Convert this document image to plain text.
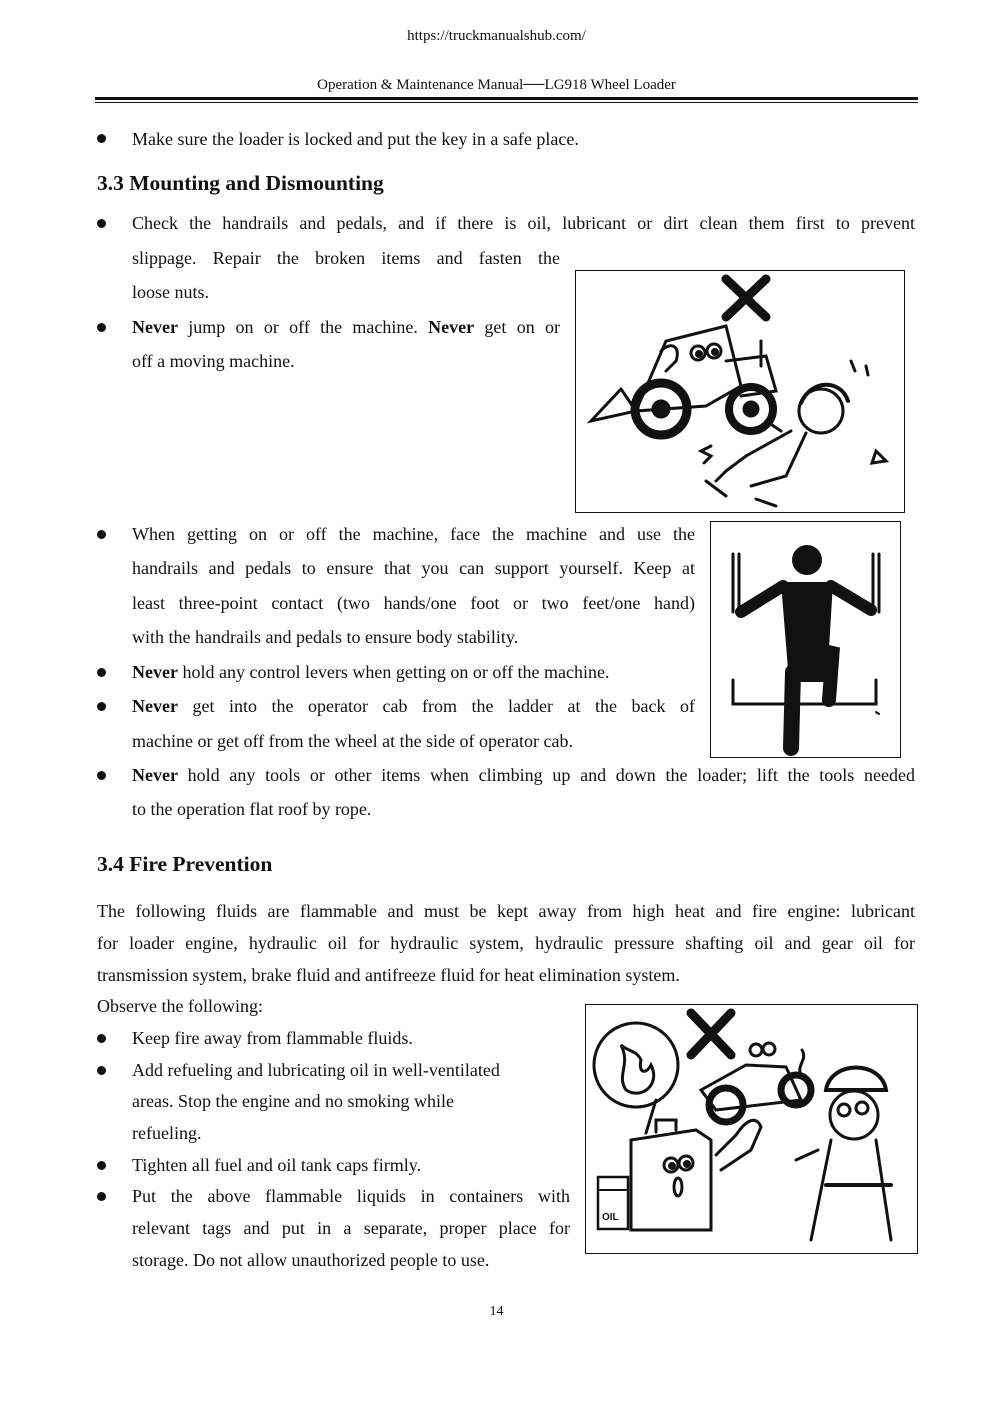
https://truckmanualshub.com/
Operation & Maintenance Manual──LG918 Wheel Loader
Make sure the loader is locked and put the key in a safe place.
3.3 Mounting and Dismounting
Check the handrails and pedals, and if there is oil, lubricant or dirt clean them first to prevent
slippage. Repair the broken items and fasten the
loose nuts.
Never jump on or off the machine. Never get on or
off a moving machine.
When getting on or off the machine, face the machine and use the
handrails and pedals to ensure that you can support yourself. Keep at
least three-point contact (two hands/one foot or two feet/one hand)
with the handrails and pedals to ensure body stability.
Never hold any control levers when getting on or off the machine.
Never get into the operator cab from the ladder at the back of
machine or get off from the wheel at the side of operator cab.
Never hold any tools or other items when climbing up and down the loader; lift the tools needed
to the operation flat roof by rope.
3.4 Fire Prevention
The following fluids are flammable and must be kept away from high heat and fire engine: lubricant
for loader engine, hydraulic oil for hydraulic system, hydraulic pressure shafting oil and gear oil for
transmission system, brake fluid and antifreeze fluid for heat elimination system.
Observe the following:
Keep fire away from flammable fluids.
Add refueling and lubricating oil in well-ventilated
areas. Stop the engine and no smoking while
refueling.
Tighten all fuel and oil tank caps firmly.
Put the above flammable liquids in containers with
relevant tags and put in a separate, proper place for
storage. Do not allow unauthorized people to use.
OIL
14
